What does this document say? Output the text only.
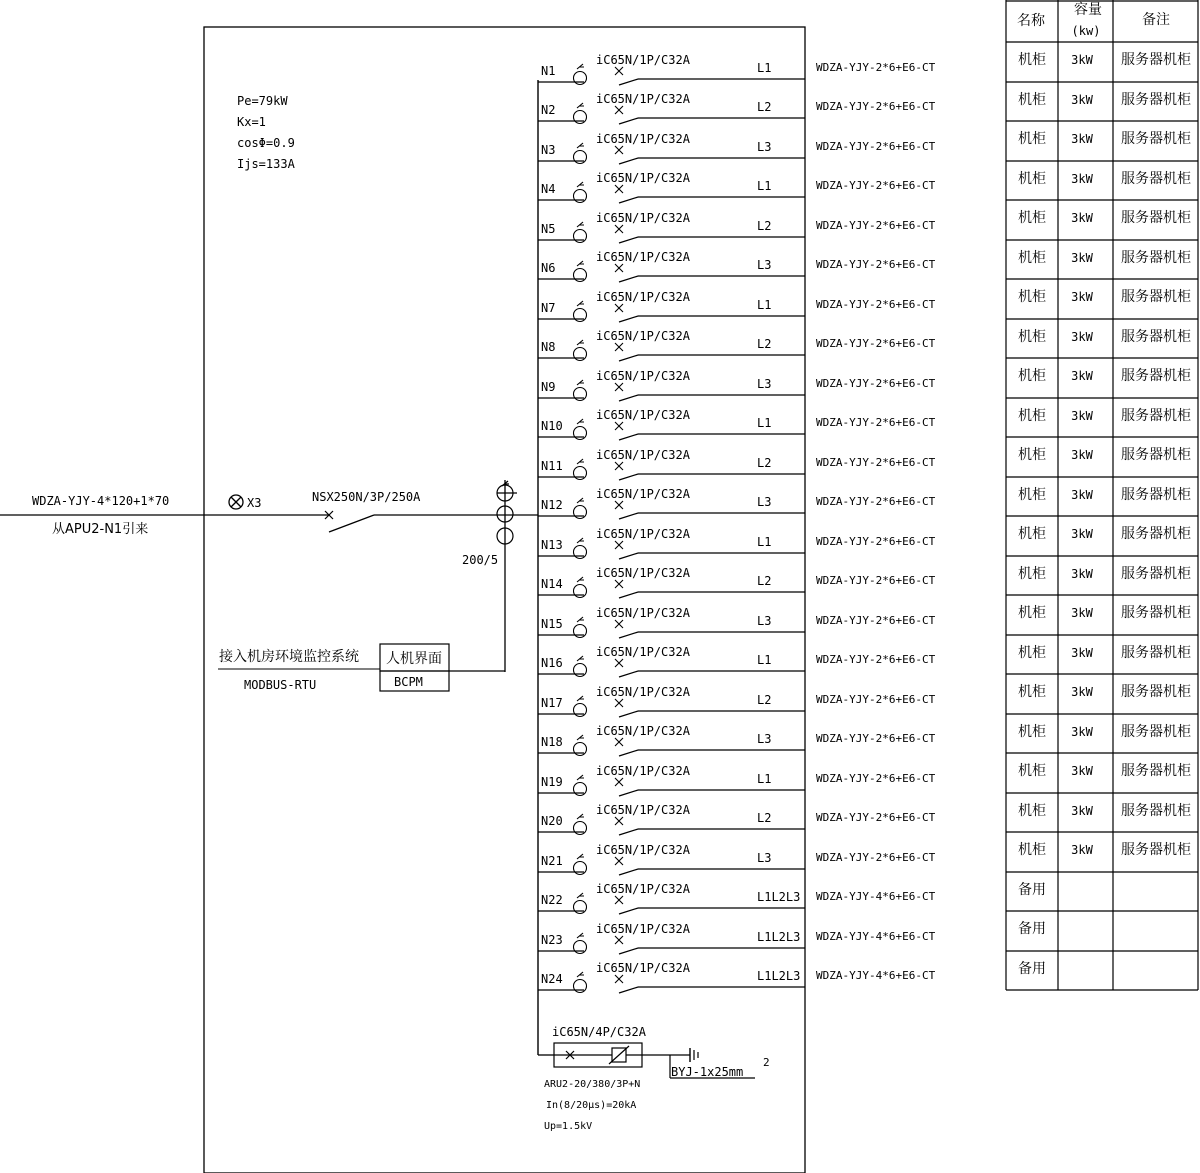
WDZA-YJY-4*120+1*70
从APU2-N1引来
X3	NSX250N/3P/250A
200/5
接入机房环境监控系统
MODBUS-RTU
人机界面
BCPM
Pe=79kW
Kx=1
cosΦ=0.9
Ijs=133A
N1
iC65N/1P/C32A
L1	WDZA-YJY-2*6+E6-CT
N2
iC65N/1P/C32A
L2	WDZA-YJY-2*6+E6-CT
N3
iC65N/1P/C32A
L3	WDZA-YJY-2*6+E6-CT
N4
iC65N/1P/C32A
L1	WDZA-YJY-2*6+E6-CT
N5
iC65N/1P/C32A
L2	WDZA-YJY-2*6+E6-CT
N6
iC65N/1P/C32A
L3	WDZA-YJY-2*6+E6-CT
N7
iC65N/1P/C32A
L1	WDZA-YJY-2*6+E6-CT
N8
iC65N/1P/C32A
L2	WDZA-YJY-2*6+E6-CT
N9
iC65N/1P/C32A
L3	WDZA-YJY-2*6+E6-CT
N10
iC65N/1P/C32A
L1	WDZA-YJY-2*6+E6-CT
N11
iC65N/1P/C32A
L2	WDZA-YJY-2*6+E6-CT
N12
iC65N/1P/C32A
L3	WDZA-YJY-2*6+E6-CT
N13
iC65N/1P/C32A
L1	WDZA-YJY-2*6+E6-CT
N14
iC65N/1P/C32A
L2	WDZA-YJY-2*6+E6-CT
N15
iC65N/1P/C32A
L3	WDZA-YJY-2*6+E6-CT
N16
iC65N/1P/C32A
L1	WDZA-YJY-2*6+E6-CT
N17
iC65N/1P/C32A
L2	WDZA-YJY-2*6+E6-CT
N18
iC65N/1P/C32A
L3	WDZA-YJY-2*6+E6-CT
N19
iC65N/1P/C32A
L1	WDZA-YJY-2*6+E6-CT
N20
iC65N/1P/C32A
L2	WDZA-YJY-2*6+E6-CT
N21
iC65N/1P/C32A
L3	WDZA-YJY-2*6+E6-CT
N22
iC65N/1P/C32A
L1L2L3 WDZA-YJY-4*6+E6-CT
N23
iC65N/1P/C32A
L1L2L3 WDZA-YJY-4*6+E6-CT
N24
iC65N/1P/C32A
L1L2L3 WDZA-YJY-4*6+E6-CT
名称
容量
(kw)
备注
机柜 3kW 服务器机柜
机柜 3kW 服务器机柜
机柜 3kW 服务器机柜
机柜 3kW 服务器机柜
机柜 3kW 服务器机柜
机柜 3kW 服务器机柜
机柜 3kW 服务器机柜
机柜 3kW 服务器机柜
机柜 3kW 服务器机柜
机柜 3kW 服务器机柜
机柜 3kW 服务器机柜
机柜 3kW 服务器机柜
机柜 3kW 服务器机柜
机柜 3kW 服务器机柜
机柜 3kW 服务器机柜
机柜 3kW 服务器机柜
机柜 3kW 服务器机柜
机柜 3kW 服务器机柜
机柜 3kW 服务器机柜
机柜 3kW 服务器机柜
机柜 3kW 服务器机柜
备用
备用
备用
iC65N/4P/C32A
BYJ-1x25mm
2
ARU2-20/380/3P+N
In(8/20μs)=20kA
Up=1.5kV
